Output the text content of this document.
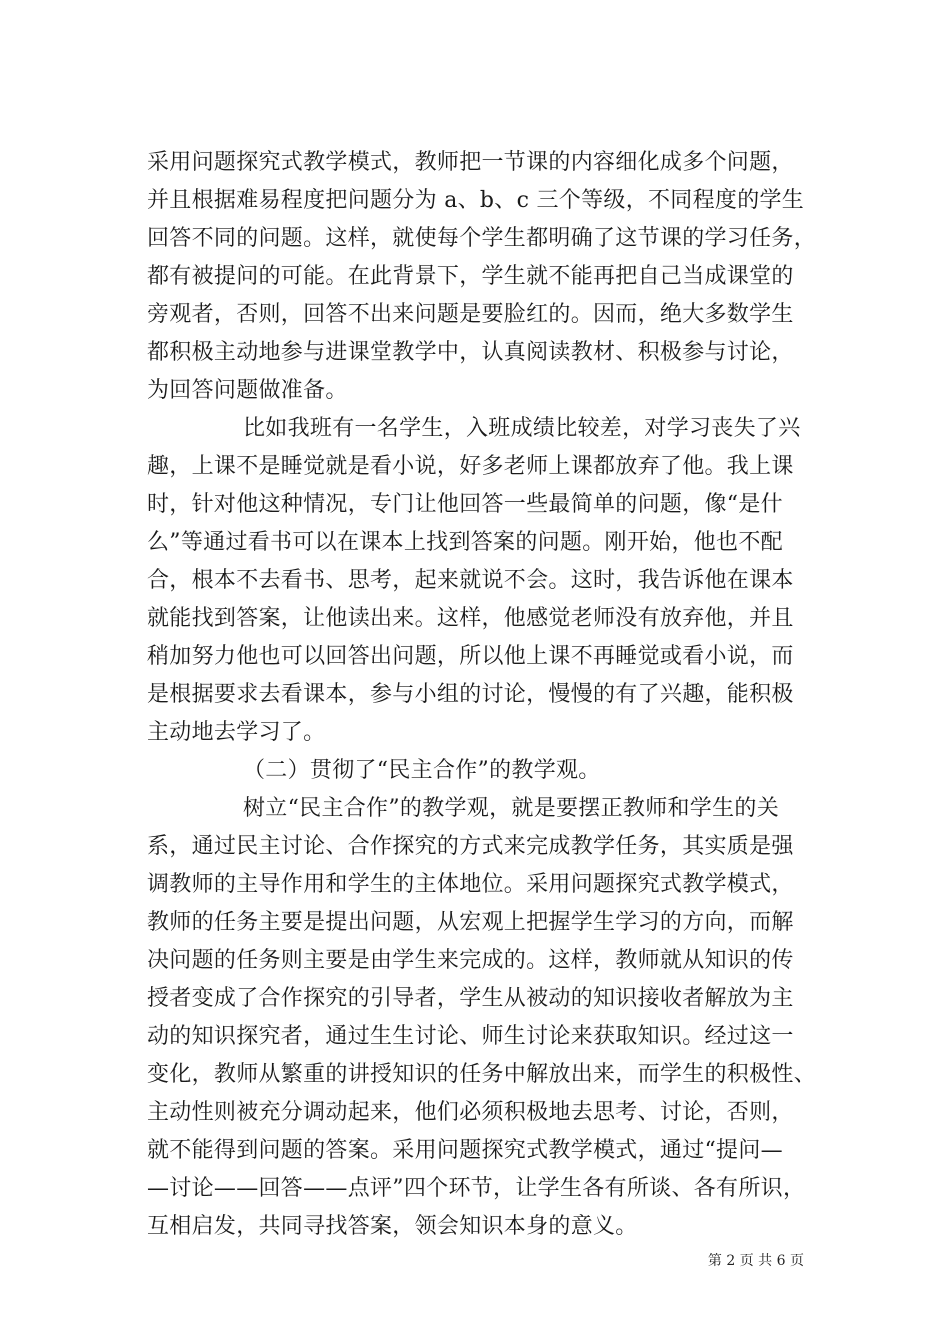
采用问题探究式教学模式，教师把一节课的内容细化成多个问题，
并且根据难易程度把问题分为 a、b、c 三个等级，不同程度的学生
回答不同的问题。这样，就使每个学生都明确了这节课的学习任务，
都有被提问的可能。在此背景下，学生就不能再把自己当成课堂的
旁观者，否则，回答不出来问题是要脸红的。因而，绝大多数学生
都积极主动地参与进课堂教学中，认真阅读教材、积极参与讨论，
为回答问题做准备。
比如我班有一名学生，入班成绩比较差，对学习丧失了兴
趣，上课不是睡觉就是看小说，好多老师上课都放弃了他。我上课
时，针对他这种情况，专门让他回答一些最简单的问题，像“是什
么”等通过看书可以在课本上找到答案的问题。刚开始，他也不配
合，根本不去看书、思考，起来就说不会。这时，我告诉他在课本
就能找到答案，让他读出来。这样，他感觉老师没有放弃他，并且
稍加努力他也可以回答出问题，所以他上课不再睡觉或看小说，而
是根据要求去看课本，参与小组的讨论，慢慢的有了兴趣，能积极
主动地去学习了。
（二）贯彻了“民主合作”的教学观。
树立“民主合作”的教学观，就是要摆正教师和学生的关
系，通过民主讨论、合作探究的方式来完成教学任务，其实质是强
调教师的主导作用和学生的主体地位。采用问题探究式教学模式，
教师的任务主要是提出问题，从宏观上把握学生学习的方向，而解
决问题的任务则主要是由学生来完成的。这样，教师就从知识的传
授者变成了合作探究的引导者，学生从被动的知识接收者解放为主
动的知识探究者，通过生生讨论、师生讨论来获取知识。经过这一
变化，教师从繁重的讲授知识的任务中解放出来，而学生的积极性、
主动性则被充分调动起来，他们必须积极地去思考、讨论，否则，
就不能得到问题的答案。采用问题探究式教学模式，通过“提问—
—讨论——回答——点评”四个环节，让学生各有所谈、各有所识，
互相启发，共同寻找答案，领会知识本身的意义。
第 2 页 共 6 页
